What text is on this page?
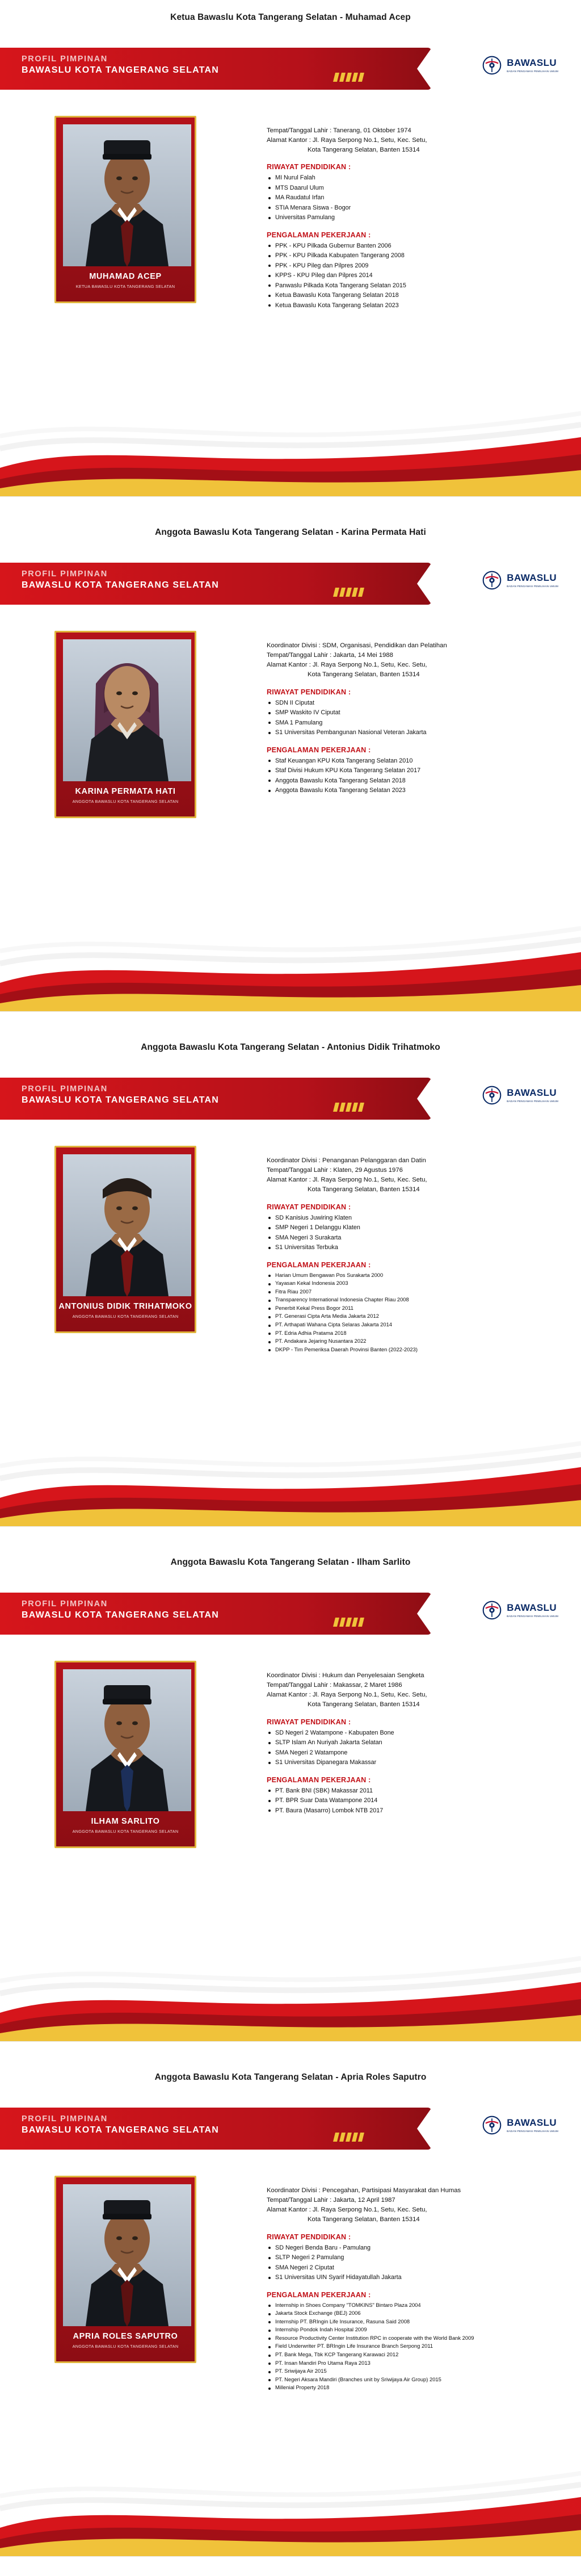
Ketua Bawaslu Kota Tangerang Selatan - Muhamad Acep
PROFIL PIMPINAN
BAWASLU KOTA TANGERANG SELATAN
BAWASLU
BADAN PENGAWAS PEMILIHAN UMUM
MUHAMAD ACEP
KETUA BAWASLU KOTA TANGERANG SELATAN
Tempat/Tanggal Lahir : Tanerang, 01 Oktober 1974
Alamat Kantor : Jl. Raya Serpong No.1, Setu, Kec. Setu,
Kota Tangerang Selatan, Banten 15314
RIWAYAT PENDIDIKAN :
MI Nurul Falah
MTS Daarul Ulum
MA Raudatul Irfan
STIA Menara Siswa - Bogor
Universitas Pamulang
PENGALAMAN PEKERJAAN :
PPK - KPU Pilkada Gubernur Banten 2006
PPK - KPU Pilkada Kabupaten Tangerang 2008
PPK - KPU Pileg dan Pilpres 2009
KPPS - KPU Pileg dan Pilpres 2014
Panwaslu Pilkada Kota Tangerang Selatan 2015
Ketua Bawaslu Kota Tangerang Selatan 2018
Ketua Bawaslu Kota Tangerang Selatan 2023
Anggota Bawaslu Kota Tangerang Selatan - Karina Permata Hati
PROFIL PIMPINAN
BAWASLU KOTA TANGERANG SELATAN
BAWASLU
BADAN PENGAWAS PEMILIHAN UMUM
KARINA PERMATA HATI
ANGGOTA BAWASLU KOTA TANGERANG SELATAN
Koordinator Divisi : SDM, Organisasi, Pendidikan dan Pelatihan
Tempat/Tanggal Lahir : Jakarta, 14 Mei 1988
Alamat Kantor : Jl. Raya Serpong No.1, Setu, Kec. Setu,
Kota Tangerang Selatan, Banten 15314
RIWAYAT PENDIDIKAN :
SDN II Ciputat
SMP Waskito IV Ciputat
SMA 1 Pamulang
S1 Universitas Pembangunan Nasional Veteran Jakarta
PENGALAMAN PEKERJAAN :
Staf Keuangan KPU Kota Tangerang Selatan 2010
Staf Divisi Hukum KPU Kota Tangerang Selatan 2017
Anggota Bawaslu Kota Tangerang Selatan 2018
Anggota Bawaslu Kota Tangerang Selatan 2023
Anggota Bawaslu Kota Tangerang Selatan - Antonius Didik Trihatmoko
PROFIL PIMPINAN
BAWASLU KOTA TANGERANG SELATAN
BAWASLU
BADAN PENGAWAS PEMILIHAN UMUM
ANTONIUS DIDIK TRIHATMOKO
ANGGOTA BAWASLU KOTA TANGERANG SELATAN
Koordinator Divisi : Penanganan Pelanggaran dan Datin
Tempat/Tanggal Lahir : Klaten, 29 Agustus 1976
Alamat Kantor : Jl. Raya Serpong No.1, Setu, Kec. Setu,
Kota Tangerang Selatan, Banten 15314
RIWAYAT PENDIDIKAN :
SD Kanisius Juwiring Klaten
SMP Negeri 1 Delanggu Klaten
SMA Negeri 3 Surakarta
S1 Universitas Terbuka
PENGALAMAN PEKERJAAN :
Harian Umum Bengawan Pos Surakarta 2000
Yayasan Kekal Indonesia 2003
Fitra Riau 2007
Transparency International Indonesia Chapter Riau 2008
Penerbit Kekal Press Bogor 2011
PT. Generasi Cipta Arta Media Jakarta 2012
PT. Arthapati Wahana Cipta Selaras Jakarta 2014
PT. Edria Adhia Pratama 2018
PT. Andakara Jejaring Nusantara 2022
DKPP - Tim Pemeriksa Daerah Provinsi Banten (2022-2023)
Anggota Bawaslu Kota Tangerang Selatan - Ilham Sarlito
PROFIL PIMPINAN
BAWASLU KOTA TANGERANG SELATAN
BAWASLU
BADAN PENGAWAS PEMILIHAN UMUM
ILHAM SARLITO
ANGGOTA BAWASLU KOTA TANGERANG SELATAN
Koordinator Divisi : Hukum dan Penyelesaian Sengketa
Tempat/Tanggal Lahir : Makassar, 2 Maret 1986
Alamat Kantor : Jl. Raya Serpong No.1, Setu, Kec. Setu,
Kota Tangerang Selatan, Banten 15314
RIWAYAT PENDIDIKAN :
SD Negeri 2 Watampone - Kabupaten Bone
SLTP Islam An Nuriyah Jakarta Selatan
SMA Negeri 2 Watampone
S1 Universitas Dipanegara Makassar
PENGALAMAN PEKERJAAN :
PT. Bank BNI (SBK) Makassar 2011
PT. BPR Suar Data Watampone 2014
PT. Baura (Masarro) Lombok NTB 2017
Anggota Bawaslu Kota Tangerang Selatan - Apria Roles Saputro
PROFIL PIMPINAN
BAWASLU KOTA TANGERANG SELATAN
BAWASLU
BADAN PENGAWAS PEMILIHAN UMUM
APRIA ROLES SAPUTRO
ANGGOTA BAWASLU KOTA TANGERANG SELATAN
Koordinator Divisi : Pencegahan, Partisipasi Masyarakat dan Humas
Tempat/Tanggal Lahir : Jakarta, 12 April 1987
Alamat Kantor : Jl. Raya Serpong No.1, Setu, Kec. Setu,
Kota Tangerang Selatan, Banten 15314
RIWAYAT PENDIDIKAN :
SD Negeri Benda Baru - Pamulang
SLTP Negeri 2 Pamulang
SMA Negeri 2 Ciputat
S1 Universitas UIN Syarif Hidayatullah Jakarta
PENGALAMAN PEKERJAAN :
Internship in Shoes Company "TOMKINS" Bintaro Plaza 2004
Jakarta Stock Exchange (BEJ) 2006
Internship PT. BRIngin Life Insurance, Rasuna Said 2008
Internship Pondok Indah Hospital 2009
Resource Productivity Center Institution RPC in cooperate with the World Bank 2009
Field Underwriter PT. BRIngin Life Insurance Branch Serpong 2011
PT. Bank Mega, Tbk KCP Tangerang Karawaci 2012
PT. Insan Mandiri Pro Utama Raya 2013
PT. Sriwijaya Air 2015
PT. Negeri Aksara Mandiri (Branches unit by Sriwijaya Air Group) 2015
Millenial Property 2018
